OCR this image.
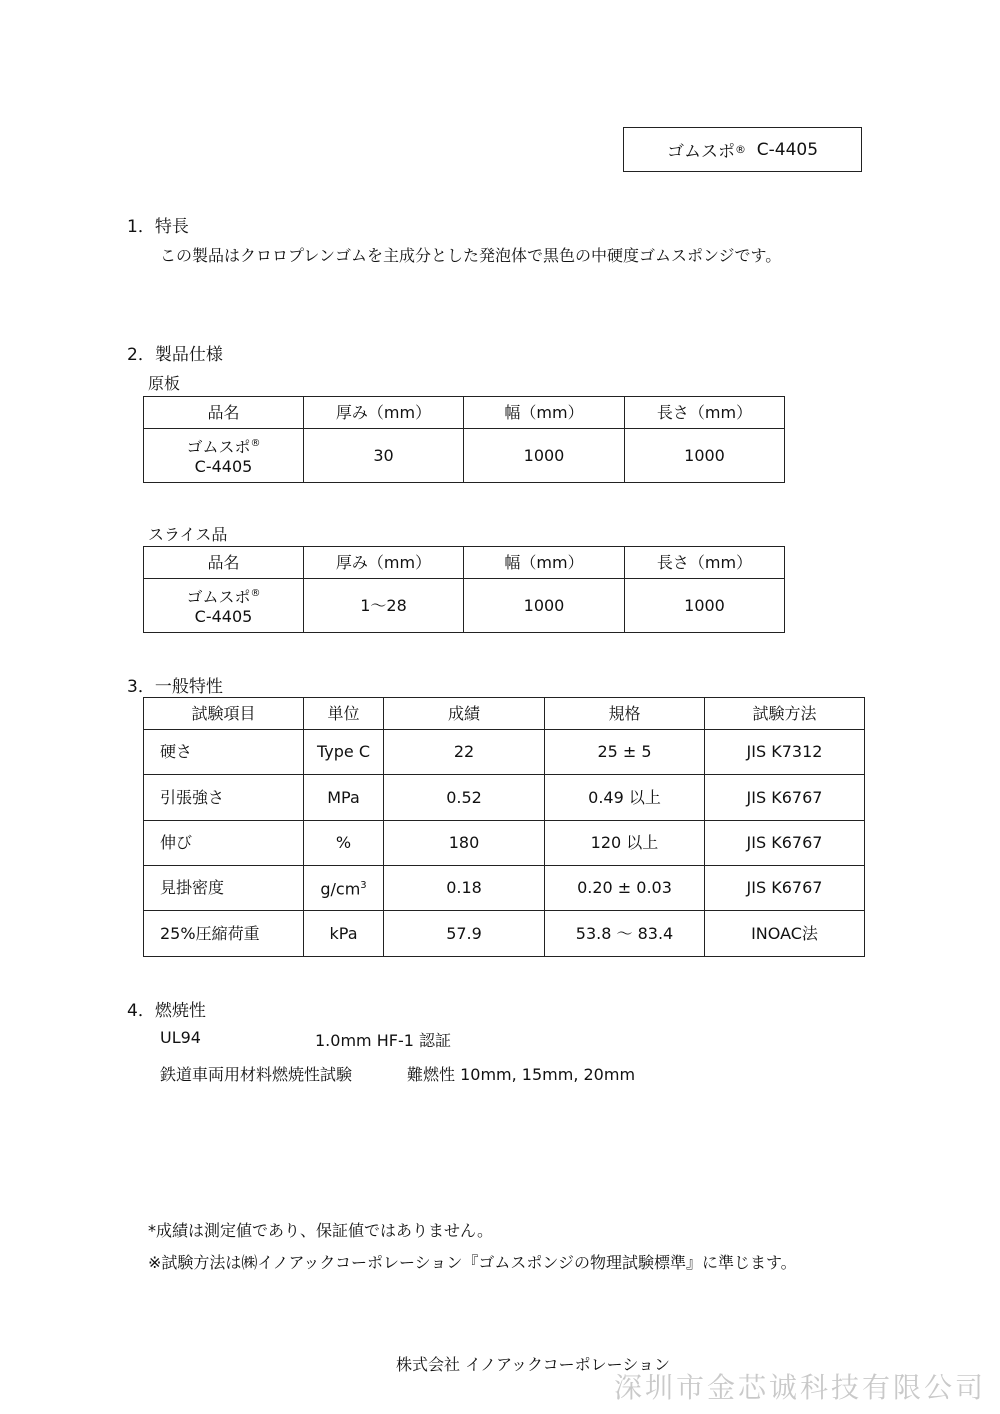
ゴムスポ ®
C-4405
1．特長
この製品はクロロプレンゴムを主成分とした発泡体で黒色の中硬度ゴムスポンジです。
2．製品仕様
原板
品名	厚み（mm）	幅（mm）	長さ（mm）

ゴムスポ®
C-4405	30	1000	1000
スライス品
品名	厚み（mm）	幅（mm）	長さ（mm）

ゴムスポ®
C-4405	1～28	1000	1000
3．一般特性
試験項目	単位	成績	規格	試験方法
硬さ	Type C	22	25 ± 5	JIS K7312
引張強さ	MPa	0.52	0.49 以上	JIS K6767
伸び	%	180	120 以上	JIS K6767
見掛密度	$g/cm^3$	0.18	0.20 ± 0.03	JIS K6767
25%圧縮荷重	kPa	57.9	53.8 ～ 83.4	INOAC法
4．燃焼性
UL94	1.0mm HF-1 認証
鉄道車両用材料燃焼性試験	難燃性 10mm, 15mm, 20mm
*成績は測定値であり、保証値ではありません。
※試験方法は㈱イノアックコーポレーション『ゴムスポンジの物理試験標準』に準じます。
株式会社 イノアックコーポレーション
深圳市金芯诚科技有限公司
